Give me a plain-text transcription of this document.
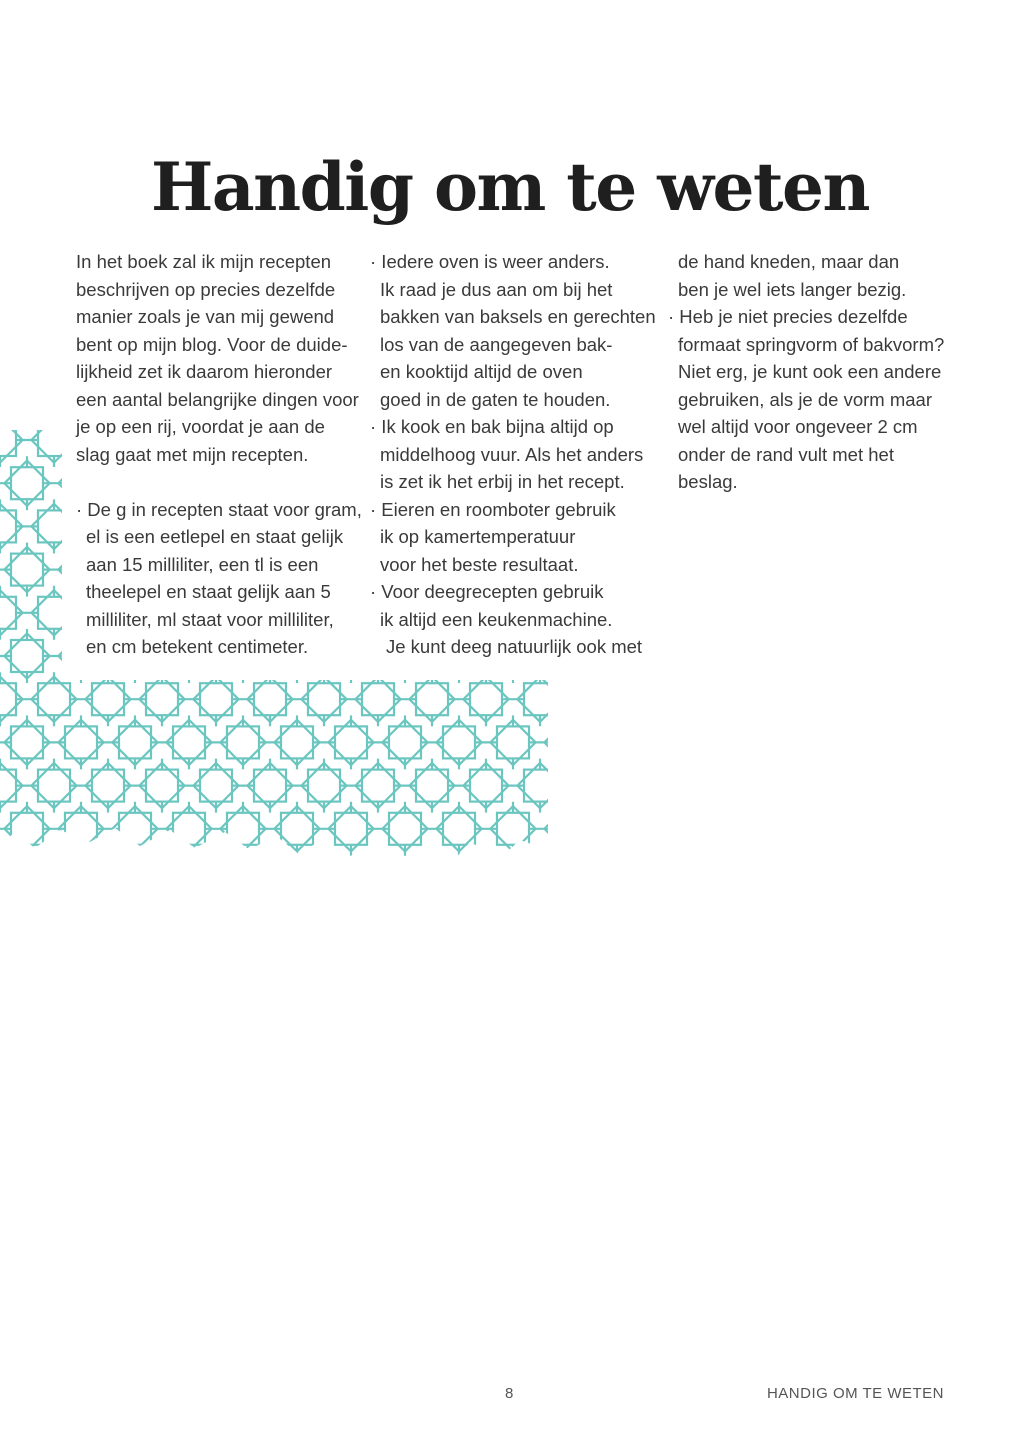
Handig om te weten
In het boek zal ik mijn recepten
beschrijven op precies dezelfde
manier zoals je van mij gewend
bent op mijn blog. Voor de duide-
lijkheid zet ik daarom hieronder
een aantal belangrijke dingen voor
je op een rij, voordat je aan de
slag gaat met mijn recepten.
· De g in recepten staat voor gram,
el is een eetlepel en staat gelijk
aan 15 milliliter, een tl is een
theelepel en staat gelijk aan 5
milliliter, ml staat voor milliliter,
en cm betekent centimeter.
· Iedere oven is weer anders.
Ik raad je dus aan om bij het
bakken van baksels en gerechten
los van de aangegeven bak-
en kooktijd altijd de oven
goed in de gaten te houden.
· Ik kook en bak bijna altijd op
middelhoog vuur. Als het anders
is zet ik het erbij in het recept.
· Eieren en roomboter gebruik
ik op kamertemperatuur
voor het beste resultaat.
· Voor deegrecepten gebruik
ik altijd een keukenmachine.
Je kunt deeg natuurlijk ook met
de hand kneden, maar dan
ben je wel iets langer bezig.
· Heb je niet precies dezelfde
formaat springvorm of bakvorm?
Niet erg, je kunt ook een andere
gebruiken, als je de vorm maar
wel altijd voor ongeveer 2 cm
onder de rand vult met het
beslag.
8	HANDIG OM TE WETEN
